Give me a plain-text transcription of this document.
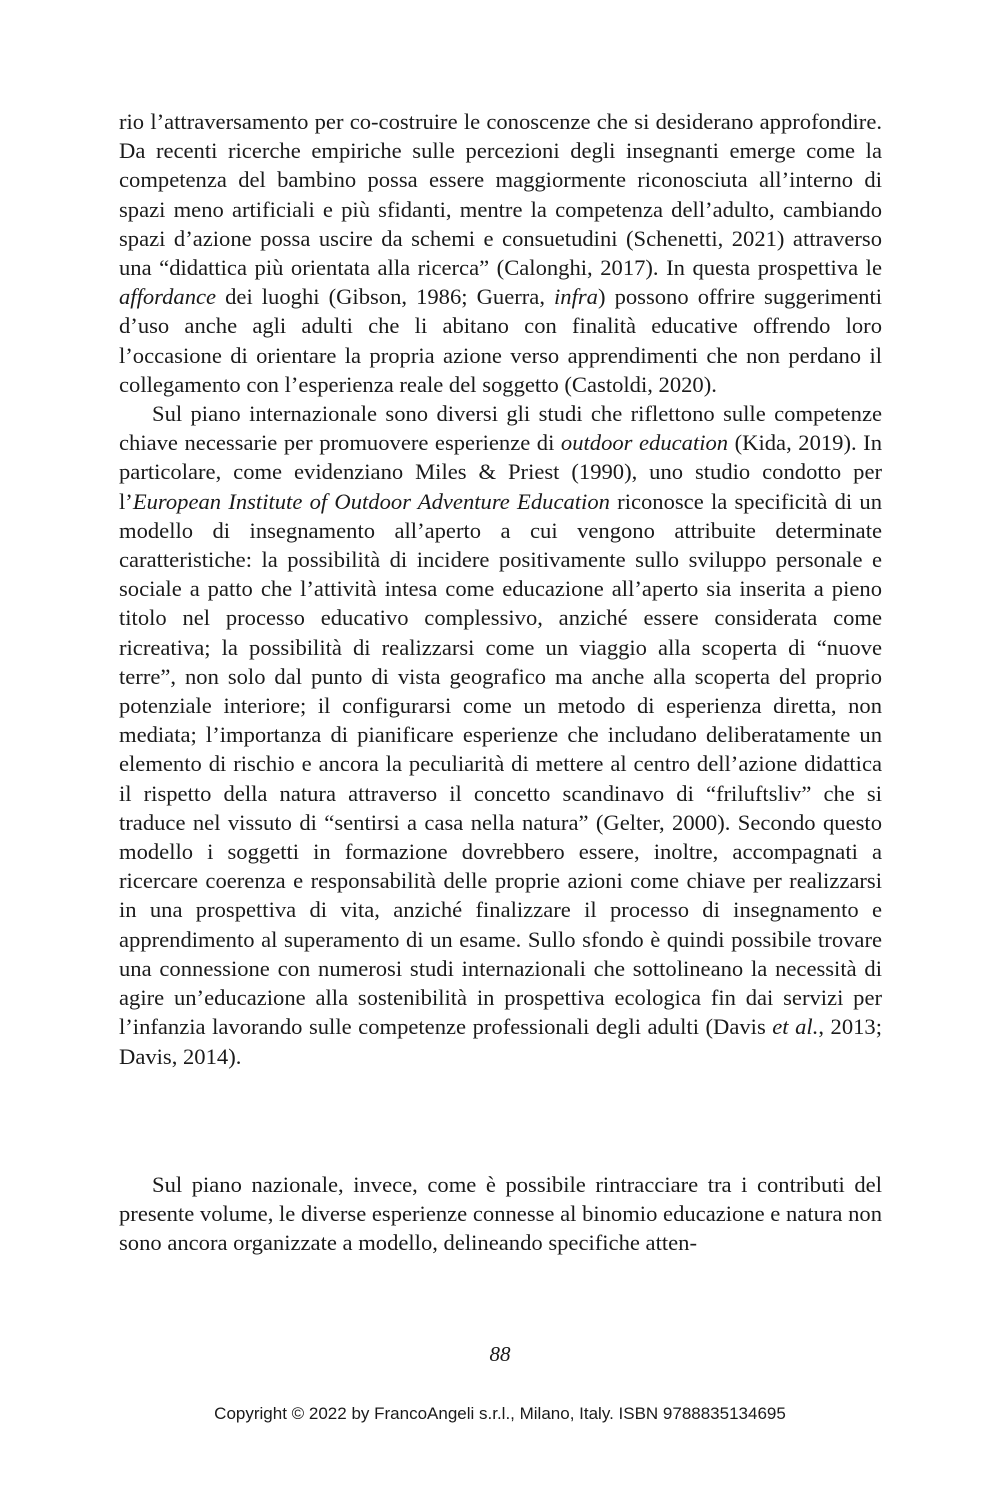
rio l’attraversamento per co-costruire le conoscenze che si desiderano approfondire. Da recenti ricerche empiriche sulle percezioni degli insegnanti emerge come la competenza del bambino possa essere maggiormente riconosciuta all’interno di spazi meno artificiali e più sfidanti, mentre la competenza dell’adulto, cambiando spazi d’azione possa uscire da schemi e consuetudini (Schenetti, 2021) attraverso una “didattica più orientata alla ricerca” (Calonghi, 2017). In questa prospettiva le affordance dei luoghi (Gibson, 1986; Guerra, infra) possono offrire suggerimenti d’uso anche agli adulti che li abitano con finalità educative offrendo loro l’occasione di orientare la propria azione verso apprendimenti che non perdano il collegamento con l’esperienza reale del soggetto (Castoldi, 2020).

Sul piano internazionale sono diversi gli studi che riflettono sulle competenze chiave necessarie per promuovere esperienze di outdoor education (Kida, 2019). In particolare, come evidenziano Miles & Priest (1990), uno studio condotto per l’European Institute of Outdoor Adventure Education riconosce la specificità di un modello di insegnamento all’aperto a cui vengono attribuite determinate caratteristiche: la possibilità di incidere positivamente sullo sviluppo personale e sociale a patto che l’attività intesa come educazione all’aperto sia inserita a pieno titolo nel processo educativo complessivo, anziché essere considerata come ricreativa; la possibilità di realizzarsi come un viaggio alla scoperta di “nuove terre”, non solo dal punto di vista geografico ma anche alla scoperta del proprio potenziale interiore; il configurarsi come un metodo di esperienza diretta, non mediata; l’importanza di pianificare esperienze che includano deliberatamente un elemento di rischio e ancora la peculiarità di mettere al centro dell’azione didattica il rispetto della natura attraverso il concetto scandinavo di “friluftsliv” che si traduce nel vissuto di “sentirsi a casa nella natura” (Gelter, 2000). Secondo questo modello i soggetti in formazione dovrebbero essere, inoltre, accompagnati a ricercare coerenza e responsabilità delle proprie azioni come chiave per realizzarsi in una prospettiva di vita, anziché finalizzare il processo di insegnamento e apprendimento al superamento di un esame. Sullo sfondo è quindi possibile trovare una connessione con numerosi studi internazionali che sottolineano la necessità di agire un’educazione alla sostenibilità in prospettiva ecologica fin dai servizi per l’infanzia lavorando sulle competenze professionali degli adulti (Davis et al., 2013; Davis, 2014).

Sul piano nazionale, invece, come è possibile rintracciare tra i contributi del presente volume, le diverse esperienze connesse al binomio educazione e natura non sono ancora organizzate a modello, delineando specifiche atten-

88
Copyright © 2022 by FrancoAngeli s.r.l., Milano, Italy. ISBN 9788835134695
